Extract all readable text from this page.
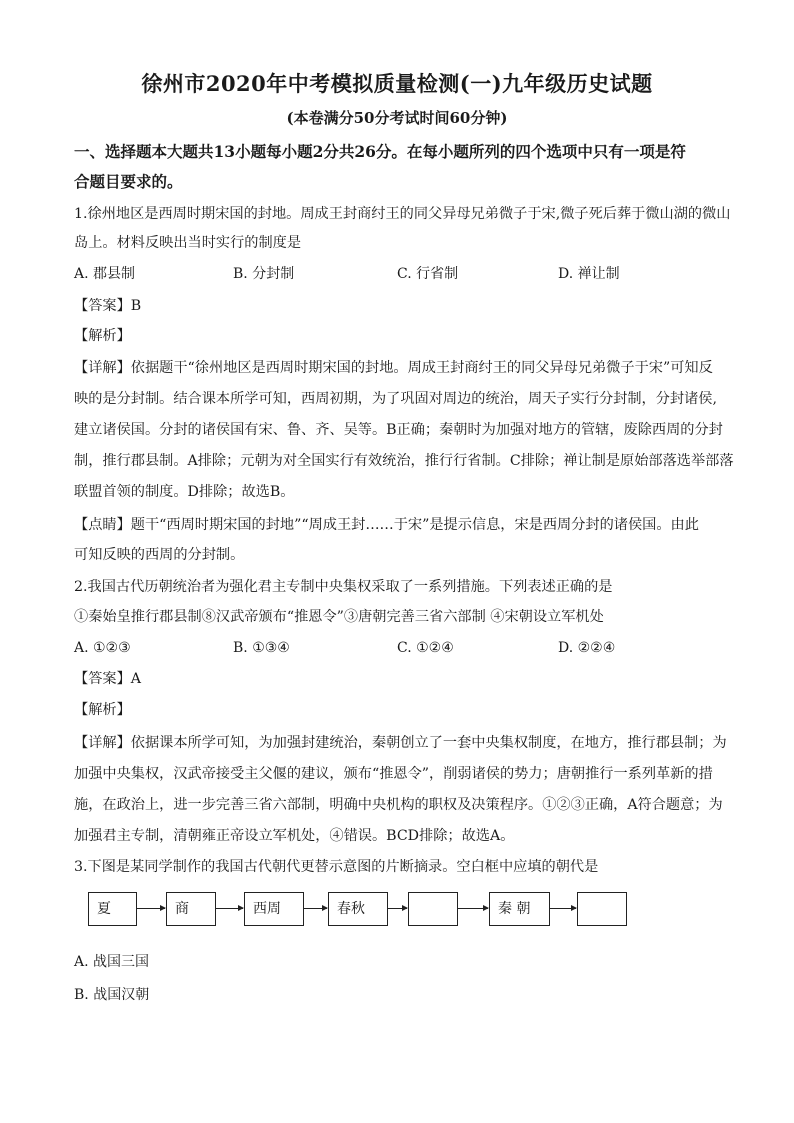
徐州市2020年中考模拟质量检测(一)九年级历史试题
(本卷满分50分考试时间60分钟)
一、选择题本大题共13小题每小题2分共26分。在每小题所列的四个选项中只有一项是符
合题目要求的。
1.徐州地区是西周时期宋国的封地。周成王封商纣王的同父异母兄弟微子于宋,微子死后葬于微山湖的微山
岛上。材料反映出当时实行的制度是
A. 郡县制	B. 分封制	C. 行省制	D. 禅让制
【答案】B
【解析】
【详解】依据题干“徐州地区是西周时期宋国的封地。周成王封商纣王的同父异母兄弟微子于宋”可知反
映的是分封制。结合课本所学可知，西周初期，为了巩固对周边的统治，周天子实行分封制，分封诸侯,
建立诸侯国。分封的诸侯国有宋、鲁、齐、吴等。B正确；秦朝时为加强对地方的管辖，废除西周的分封
制，推行郡县制。A排除；元朝为对全国实行有效统治，推行行省制。C排除；禅让制是原始部落选举部落
联盟首领的制度。D排除；故选B。
【点睛】题干“西周时期宋国的封地”“周成王封……于宋”是提示信息，宋是西周分封的诸侯国。由此
可知反映的西周的分封制。
2.我国古代历朝统治者为强化君主专制中央集权采取了一系列措施。下列表述正确的是
①秦始皇推行郡县制⑧汉武帝颁布“推恩令”③唐朝完善三省六部制 ④宋朝设立军机处
A. ①②③	B. ①③④	C. ①②④	D. ②②④
【答案】A
【解析】
【详解】依据课本所学可知，为加强封建统治，秦朝创立了一套中央集权制度，在地方，推行郡县制；为
加强中央集权，汉武帝接受主父偃的建议，颁布“推恩令”，削弱诸侯的势力；唐朝推行一系列革新的措
施，在政治上，进一步完善三省六部制，明确中央机构的职权及决策程序。①②③正确，A符合题意；为
加强君主专制，清朝雍正帝设立军机处，④错误。BCD排除；故选A。
3.下图是某同学制作的我国古代朝代更替示意图的片断摘录。空白框中应填的朝代是
夏	商	西周	春秋	秦 朝
A. 战国三国
B. 战国汉朝
